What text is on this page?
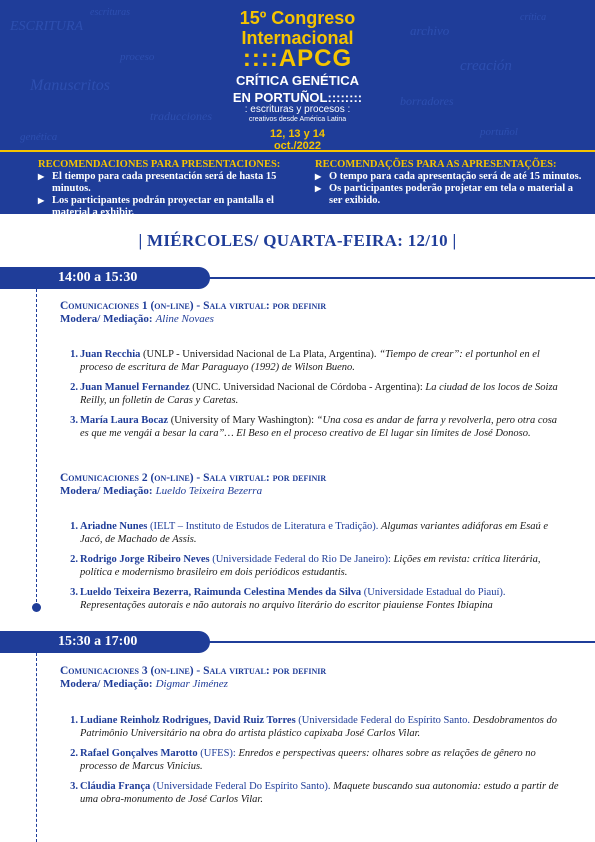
ESCRITURA
proceso
Manuscritos
traducciones
genética
archivo
creación
borradores
portuñol
crítica
escrituras	15º Congreso
Internacional
::::APCG
CRÍTICA GENÉTICA
EN PORTUÑOL::::::::
: escrituras y procesos :
creativos desde América Latina
12, 13 y 14
oct./2022
RECOMENDACIONES PARA PRESENTACIONES:
▶ El tiempo para cada presentación será de hasta 15 minutos.
▶ Los participantes podrán proyectar en pantalla el material a exhibir.
RECOMENDAÇÕES PARA AS APRESENTAÇÕES:
▶ O tempo para cada apresentação será de até 15 minutos.
▶ Os participantes poderão projetar em tela o material a ser exibido.
| MIÉRCOLES/ QUARTA-FEIRA: 12/10 |
14:00 a 15:30
Comunicaciones 1 (on-line) - Sala virtual: por definir
Modera/ Mediação: Aline Novaes
1. Juan Recchia (UNLP - Universidad Nacional de La Plata, Argentina). “Tiempo de crear”: el portunhol en el proceso de escritura de Mar Paraguayo (1992) de Wilson Bueno.
2. Juan Manuel Fernandez (UNC. Universidad Nacional de Córdoba - Argentina): La ciudad de los locos de Soiza Reilly, un folletín de Caras y Caretas.
3. María Laura Bocaz (University of Mary Washington): “Una cosa es andar de farra y revolverla, pero otra cosa es que me vengái a besar la cara”… El Beso en el proceso creativo de El lugar sin límites de José Donoso.
Comunicaciones 2 (on-line) - Sala virtual: por definir
Modera/ Mediação: Lueldo Teixeira Bezerra
1. Ariadne Nunes (IELT – Instituto de Estudos de Literatura e Tradição). Algumas variantes adiáforas em Esaú e Jacó, de Machado de Assis.
2. Rodrigo Jorge Ribeiro Neves (Universidade Federal do Rio De Janeiro): Lições em revista: crítica literária, política e modernismo brasileiro em dois periódicos estudantis.
3. Lueldo Teixeira Bezerra, Raimunda Celestina Mendes da Silva (Universidade Estadual do Piauí). Representações autorais e não autorais no arquivo literário do escritor piauiense Fontes Ibiapina
15:30 a 17:00
Comunicaciones 3 (on-line) - Sala virtual: por definir
Modera/ Mediação: Digmar Jiménez
1. Ludiane Reinholz Rodrigues, David Ruiz Torres (Universidade Federal do Espírito Santo. Desdobramentos do Patrimônio Universitário na obra do artista plástico capixaba José Carlos Vilar.
2. Rafael Gonçalves Marotto (UFES): Enredos e perspectivas queers: olhares sobre as relações de gênero no processo de Marcus Vinicius.
3. Cláudia França (Universidade Federal Do Espírito Santo). Maquete buscando sua autonomia: estudo a partir de uma obra-monumento de José Carlos Vilar.
